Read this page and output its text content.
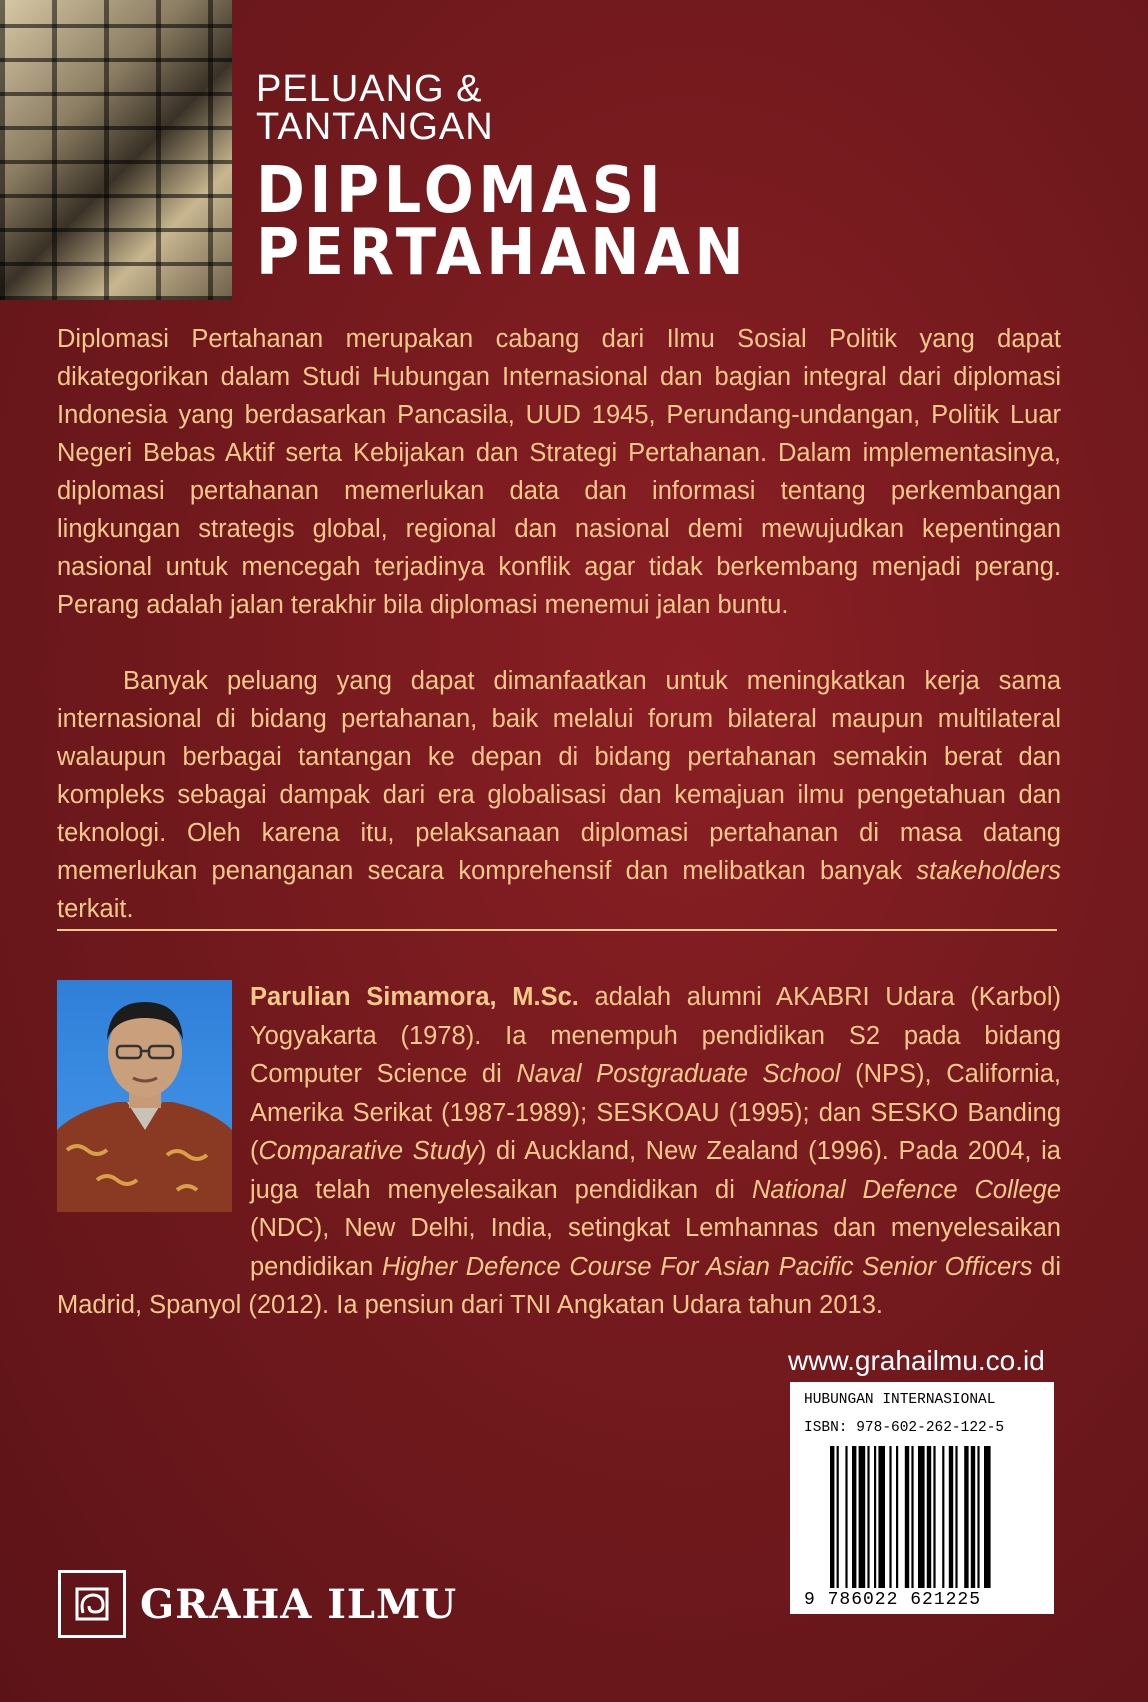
PELUANG &
TANTANGAN
DIPLOMASI
PERTAHANAN
Diplomasi Pertahanan merupakan cabang dari Ilmu Sosial Politik yang dapat dikategorikan dalam Studi Hubungan Internasional dan bagian integral dari diplomasi Indonesia yang berdasarkan Pancasila, UUD 1945, Perundang-undangan, Politik Luar Negeri Bebas Aktif serta Kebijakan dan Strategi Pertahanan. Dalam implementasinya, diplomasi pertahanan memerlukan data dan informasi tentang perkembangan lingkungan strategis global, regional dan nasional demi mewujudkan kepentingan nasional untuk mencegah terjadinya konflik agar tidak berkembang menjadi perang. Perang adalah jalan terakhir bila diplomasi menemui jalan buntu.
Banyak peluang yang dapat dimanfaatkan untuk meningkatkan kerja sama internasional di bidang pertahanan, baik melalui forum bilateral maupun multilateral walaupun berbagai tantangan ke depan di bidang pertahanan semakin berat dan kompleks sebagai dampak dari era globalisasi dan kemajuan ilmu pengetahuan dan teknologi. Oleh karena itu, pelaksanaan diplomasi pertahanan di masa datang memerlukan penanganan secara komprehensif dan melibatkan banyak stakeholders terkait.
Parulian Simamora, M.Sc. adalah alumni AKABRI Udara (Karbol) Yogyakarta (1978). Ia menempuh pendidikan S2 pada bidang Computer Science di Naval Postgraduate School (NPS), California, Amerika Serikat (1987-1989); SESKOAU (1995); dan SESKO Banding (Comparative Study) di Auckland, New Zealand (1996). Pada 2004, ia juga telah menyelesaikan pendidikan di National Defence College (NDC), New Delhi, India, setingkat Lemhannas dan menyelesaikan pendidikan Higher Defence Course For Asian Pacific Senior Officers di Madrid, Spanyol (2012). Ia pensiun dari TNI Angkatan Udara tahun 2013.
www.grahailmu.co.id
HUBUNGAN INTERNASIONAL
ISBN: 978-602-262-122-5
9 786022 621225
GRAHA ILMU
